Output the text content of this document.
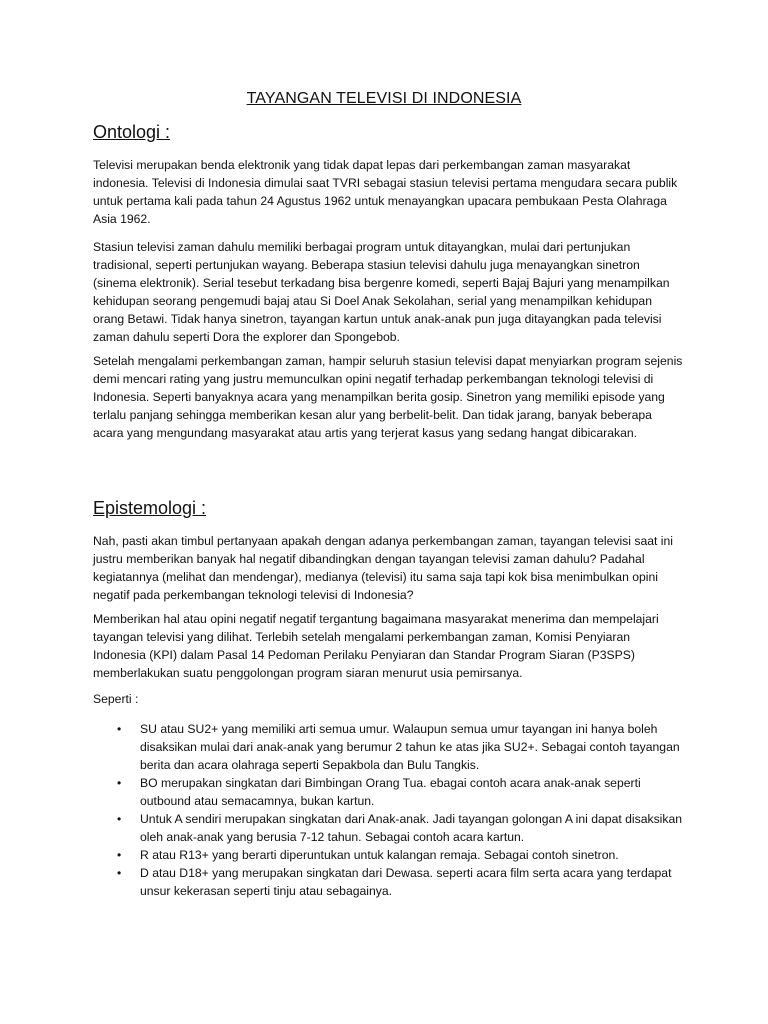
TAYANGAN TELEVISI DI INDONESIA
Ontologi :

Televisi merupakan benda elektronik yang tidak dapat lepas dari perkembangan zaman masyarakat indonesia. Televisi di Indonesia dimulai saat TVRI sebagai stasiun televisi pertama mengudara secara publik untuk pertama kali pada tahun 24 Agustus 1962 untuk menayangkan upacara pembukaan Pesta Olahraga Asia 1962.

Stasiun televisi zaman dahulu memiliki berbagai program untuk ditayangkan, mulai dari pertunjukan tradisional, seperti pertunjukan wayang. Beberapa stasiun televisi dahulu juga menayangkan sinetron (sinema elektronik). Serial tesebut terkadang bisa bergenre komedi, seperti Bajaj Bajuri yang menampilkan kehidupan seorang pengemudi bajaj atau Si Doel Anak Sekolahan, serial yang menampilkan kehidupan orang Betawi. Tidak hanya sinetron, tayangan kartun untuk anak-anak pun juga ditayangkan pada televisi zaman dahulu seperti Dora the explorer dan Spongebob.

Setelah mengalami perkembangan zaman, hampir seluruh stasiun televisi dapat menyiarkan program sejenis demi mencari rating yang justru memunculkan opini negatif terhadap perkembangan teknologi televisi di Indonesia. Seperti banyaknya acara yang menampilkan berita gosip. Sinetron yang memiliki episode yang terlalu panjang sehingga memberikan kesan alur yang berbelit-belit. Dan tidak jarang, banyak beberapa acara yang mengundang masyarakat atau artis yang terjerat kasus yang sedang hangat dibicarakan.

Epistemologi :

Nah, pasti akan timbul pertanyaan apakah dengan adanya perkembangan zaman, tayangan televisi saat ini justru memberikan banyak hal negatif dibandingkan dengan tayangan televisi zaman dahulu? Padahal kegiatannya (melihat dan mendengar), medianya (televisi) itu sama saja tapi kok bisa menimbulkan opini negatif pada perkembangan teknologi televisi di Indonesia?

Memberikan hal atau opini negatif negatif tergantung bagaimana masyarakat menerima dan mempelajari tayangan televisi yang dilihat. Terlebih setelah mengalami perkembangan zaman, Komisi Penyiaran Indonesia (KPI) dalam Pasal 14 Pedoman Perilaku Penyiaran dan Standar Program Siaran (P3SPS) memberlakukan suatu penggolongan program siaran menurut usia pemirsanya.

Seperti :

• SU atau SU2+ yang memiliki arti semua umur. Walaupun semua umur tayangan ini hanya boleh disaksikan mulai dari anak-anak yang berumur 2 tahun ke atas jika SU2+. Sebagai contoh tayangan berita dan acara olahraga seperti Sepakbola dan Bulu Tangkis.
• BO merupakan singkatan dari Bimbingan Orang Tua. ebagai contoh acara anak-anak seperti outbound atau semacamnya, bukan kartun.
• Untuk A sendiri merupakan singkatan dari Anak-anak. Jadi tayangan golongan A ini dapat disaksikan oleh anak-anak yang berusia 7-12 tahun. Sebagai contoh acara kartun.
• R atau R13+ yang berarti diperuntukan untuk kalangan remaja. Sebagai contoh sinetron.
• D atau D18+ yang merupakan singkatan dari Dewasa. seperti acara film serta acara yang terdapat unsur kekerasan seperti tinju atau sebagainya.
